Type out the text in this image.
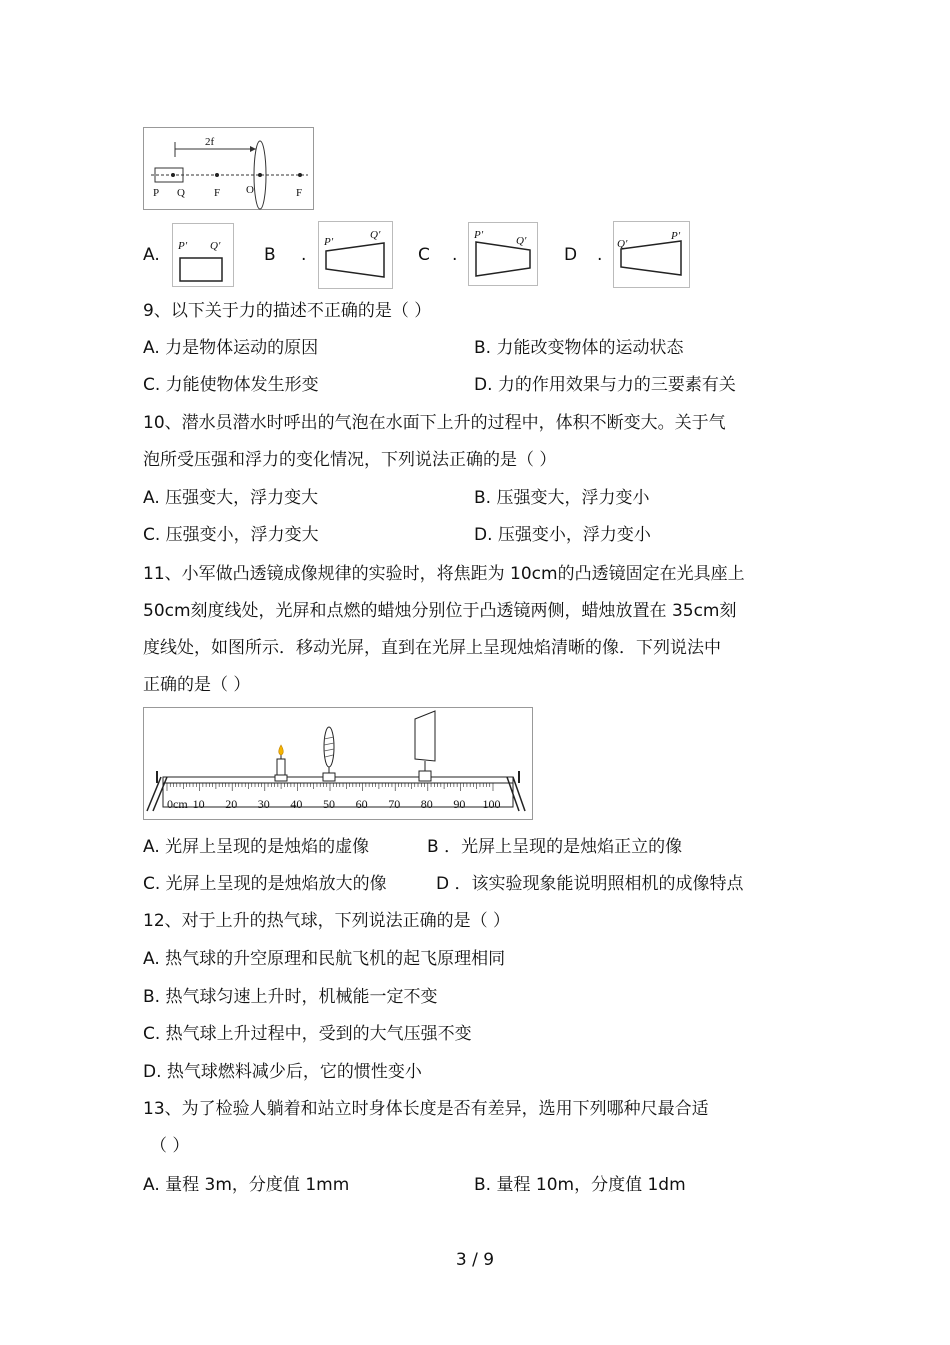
2f
P Q	F O	F
A. P′ Q′	B .
P′
Q′
C .
P′	Q′
D .
Q′
P′
9、以下关于力的描述不正确的是（ ）
A. 力是物体运动的原因	B. 力能改变物体的运动状态
C. 力能使物体发生形变	D. 力的作用效果与力的三要素有关
10、潜水员潜水时呼出的气泡在水面下上升的过程中，体积不断变大。关于气
泡所受压强和浮力的变化情况，下列说法正确的是（ ）
A. 压强变大，浮力变大	B. 压强变大，浮力变小
C. 压强变小，浮力变大	D. 压强变小，浮力变小
11、小军做凸透镜成像规律的实验时，将焦距为 10cm的凸透镜固定在光具座上
50cm刻度线处，光屏和点燃的蜡烛分别位于凸透镜两侧，蜡烛放置在 35cm刻
度线处，如图所示．移动光屏，直到在光屏上呈现烛焰清晰的像．下列说法中
正确的是（ ）
0cm 10 20 30 40 50 60 70 80 90 100
A. 光屏上呈现的是烛焰的虚像	B ．光屏上呈现的是烛焰正立的像
C. 光屏上呈现的是烛焰放大的像	D ．该实验现象能说明照相机的成像特点
12、对于上升的热气球，下列说法正确的是（ ）
A. 热气球的升空原理和民航飞机的起飞原理相同
B. 热气球匀速上升时，机械能一定不变
C. 热气球上升过程中，受到的大气压强不变
D. 热气球燃料减少后，它的惯性变小
13、为了检验人躺着和站立时身体长度是否有差异，选用下列哪种尺最合适
（ ）
A. 量程 3m，分度值 1mm	B. 量程 10m，分度值 1dm
3 / 9
